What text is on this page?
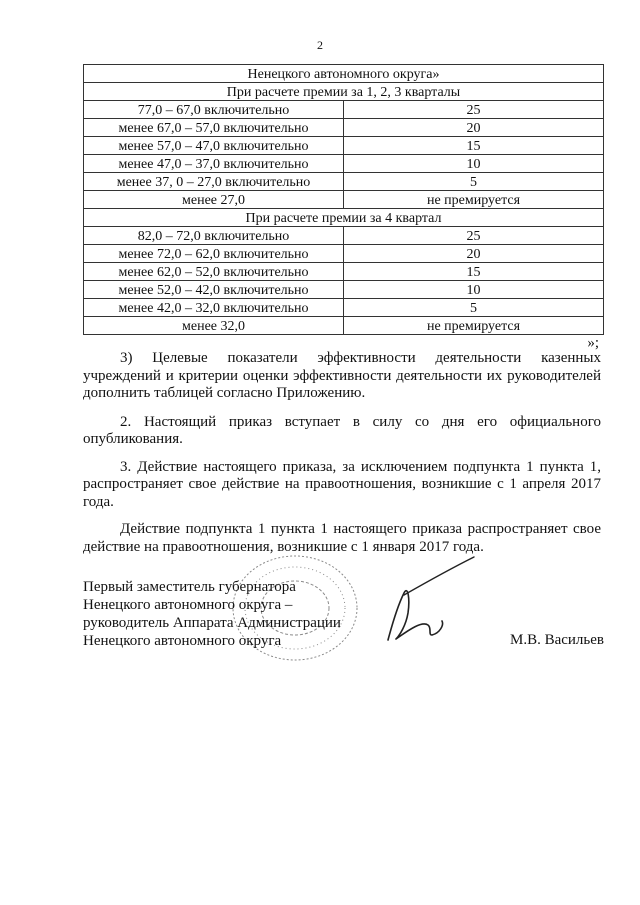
2
Ненецкого автономного округа»	
При расчете премии за 1, 2, 3 кварталы	
77,0 – 67,0 включительно	25
менее 67,0 – 57,0 включительно	20
менее 57,0 – 47,0 включительно	15
менее 47,0 – 37,0 включительно	10
менее 37, 0 – 27,0 включительно	5
менее 27,0	не премируется
При расчете премии за 4 квартал	
82,0 – 72,0 включительно	25
менее 72,0 – 62,0 включительно	20
менее 62,0 – 52,0 включительно	15
менее 52,0 – 42,0 включительно	10
менее 42,0 – 32,0 включительно	5
менее 32,0	не премируется
»;

3) Целевые показатели эффективности деятельности казенных учреждений и критерии оценки эффективности деятельности их руководителей дополнить таблицей согласно Приложению.

2. Настоящий приказ вступает в силу со дня его официального опубликования.

3. Действие настоящего приказа, за исключением подпункта 1 пункта 1, распространяет свое действие на правоотношения, возникшие с 1 апреля 2017 года.

Действие подпункта 1 пункта 1 настоящего приказа распространяет свое действие на правоотношения, возникшие с 1 января 2017 года.

Первый заместитель губернатора
Ненецкого автономного округа –
руководитель Аппарата Администрации
Ненецкого автономного округа	М.В. Васильев
